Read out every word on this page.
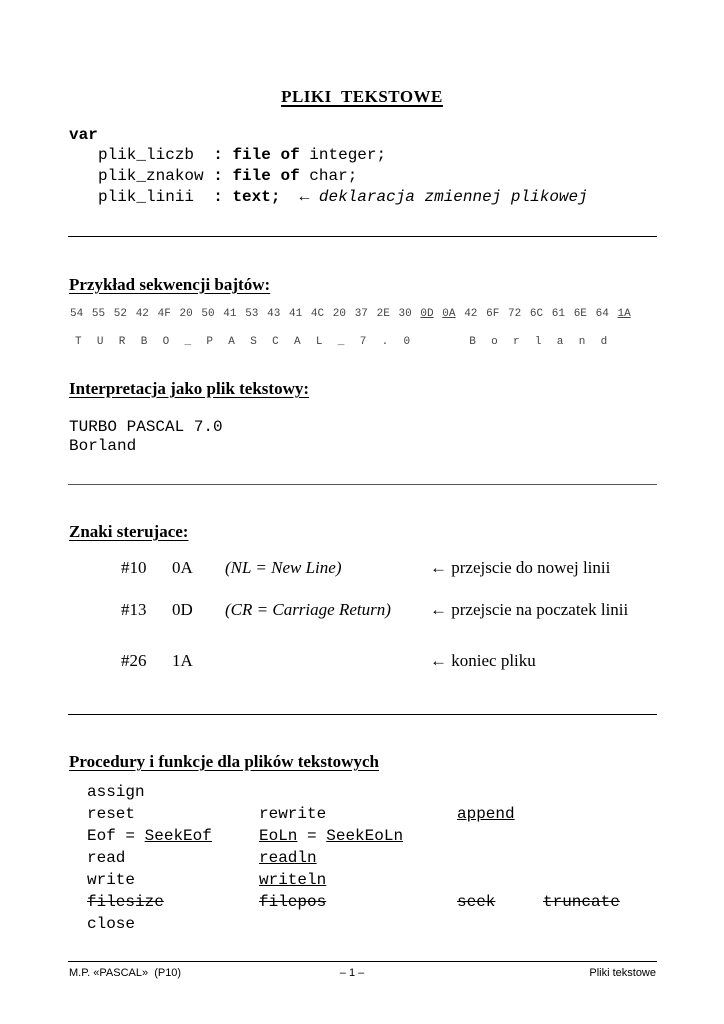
PLIKI  TEKSTOWE
var
plik_liczb  : file of integer;
plik_znakow : file of char;
plik_linii  : text; ← deklaracja zmiennej plikowej
Przykład sekwencji bajtów:
54 55 52 42 4F 20 50 41 53 43 41 4C 20 37 2E 30 0D 0A 42 6F 72 6C 61 6E 64 1A
T U R B O _ P A S C A L _ 7 . 0	B o r l a n d
Interpretacja jako plik tekstowy:
TURBO PASCAL 7.0
Borland
Znaki sterujace:
#10 0A (NL = New Line)	← przejscie do nowej linii
#13 0D (CR = Carriage Return) ← przejscie na poczatek linii
#26 1A	← koniec pliku
Procedury i funkcje dla plików tekstowych
assign
reset	rewrite	append
Eof = SeekEof	EoLn = SeekEoLn
read	readln
write	writeln
filesize	filepos	seek	truncate
close
M.P. «PASCAL»  (P10)	– 1 –	Pliki tekstowe
